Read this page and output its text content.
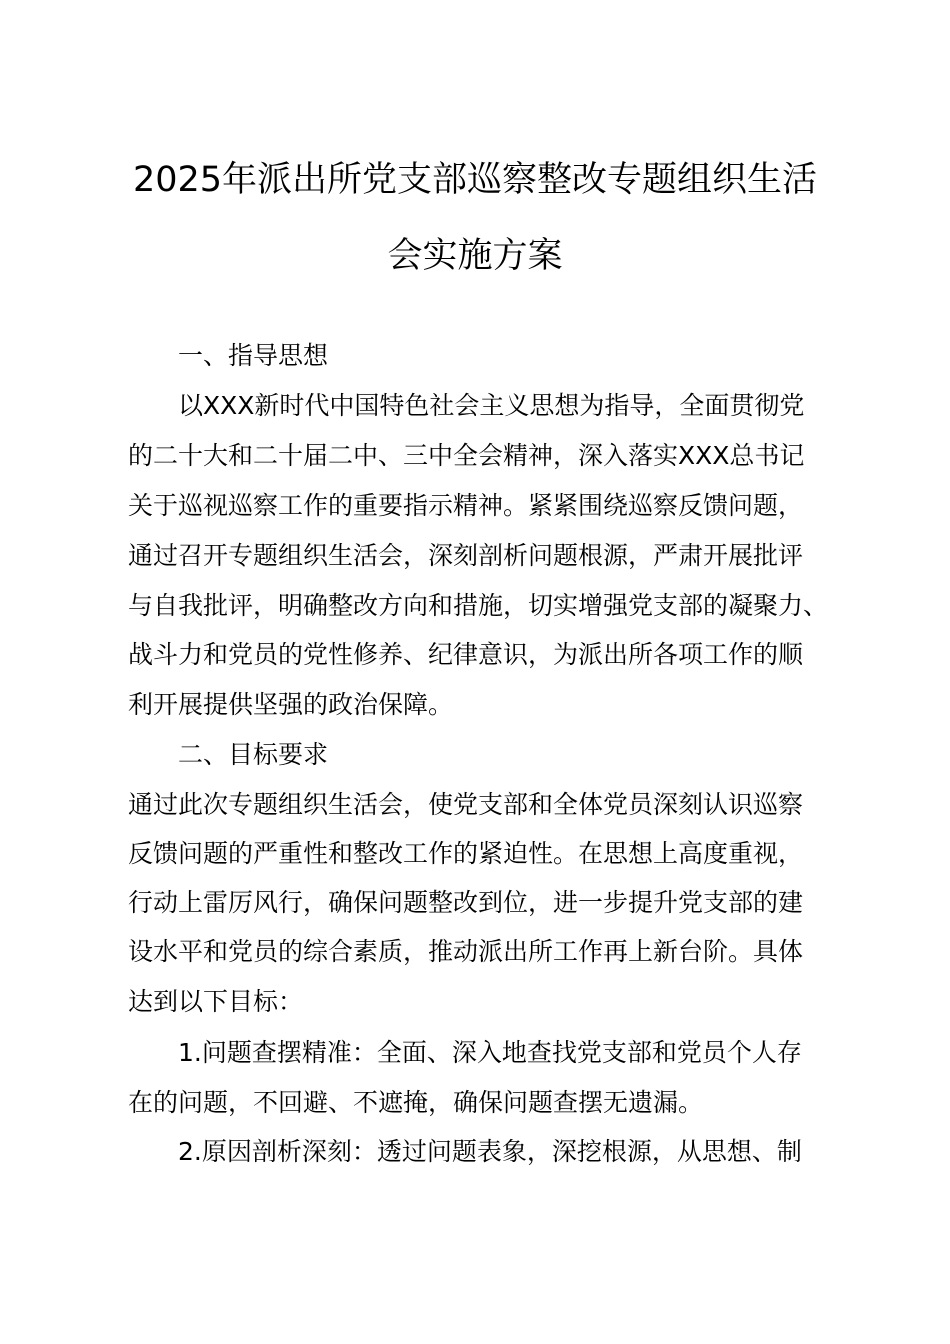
2025年派出所党支部巡察整改专题组织生活
会实施方案
一、指导思想
以XXX新时代中国特色社会主义思想为指导，全面贯彻党
的二十大和二十届二中、三中全会精神，深入落实XXX总书记
关于巡视巡察工作的重要指示精神。紧紧围绕巡察反馈问题，
通过召开专题组织生活会，深刻剖析问题根源，严肃开展批评
与自我批评，明确整改方向和措施，切实增强党支部的凝聚力、
战斗力和党员的党性修养、纪律意识，为派出所各项工作的顺
利开展提供坚强的政治保障。
二、目标要求
通过此次专题组织生活会，使党支部和全体党员深刻认识巡察
反馈问题的严重性和整改工作的紧迫性。在思想上高度重视，
行动上雷厉风行，确保问题整改到位，进一步提升党支部的建
设水平和党员的综合素质，推动派出所工作再上新台阶。具体
达到以下目标：
1.问题查摆精准：全面、深入地查找党支部和党员个人存
在的问题，不回避、不遮掩，确保问题查摆无遗漏。
2.原因剖析深刻：透过问题表象，深挖根源，从思想、制
